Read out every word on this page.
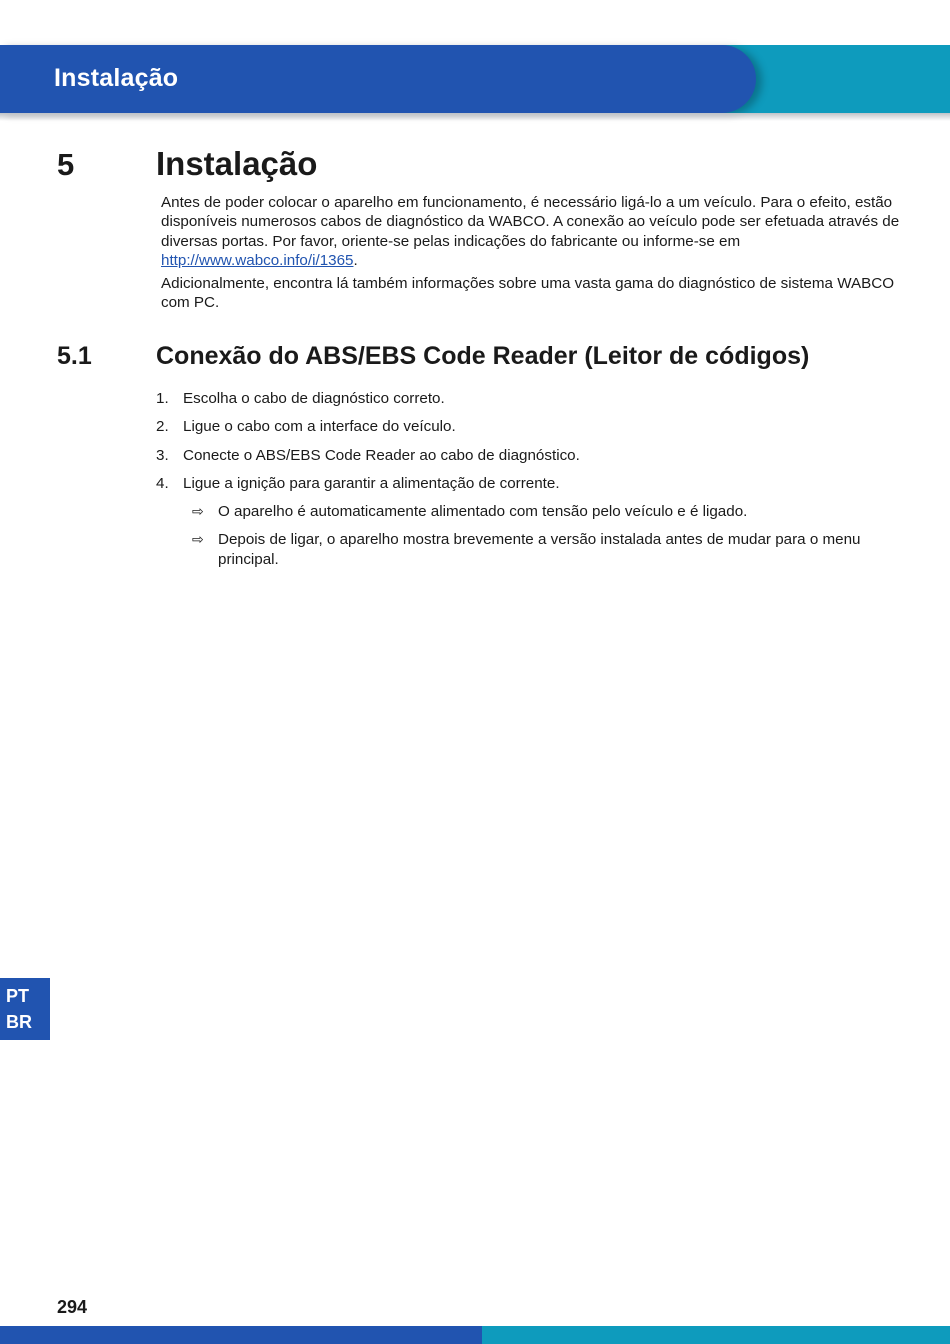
Instalação
5 Instalação

Antes de poder colocar o aparelho em funcionamento, é necessário ligá-lo a um veículo. Para o efeito, estão disponíveis numerosos cabos de diagnóstico da WABCO. A conexão ao veículo pode ser efetuada através de diversas portas. Por favor, oriente-se pelas indicações do fabricante ou informe-se em http://www.wabco.info/i/1365.

Adicionalmente, encontra lá também informações sobre uma vasta gama do diagnóstico de sistema WABCO com PC.

5.1	Conexão do ABS/EBS Code Reader (Leitor de códigos)
1. Escolha o cabo de diagnóstico correto.
2. Ligue o cabo com a interface do veículo.
3. Conecte o ABS/EBS Code Reader ao cabo de diagnóstico.
4. Ligue a ignição para garantir a alimentação de corrente.
⇨ O aparelho é automaticamente alimentado com tensão pelo veículo e é ligado.
⇨ Depois de ligar, o aparelho mostra brevemente a versão instalada antes de mudar para o menu principal.
PT
BR
294
